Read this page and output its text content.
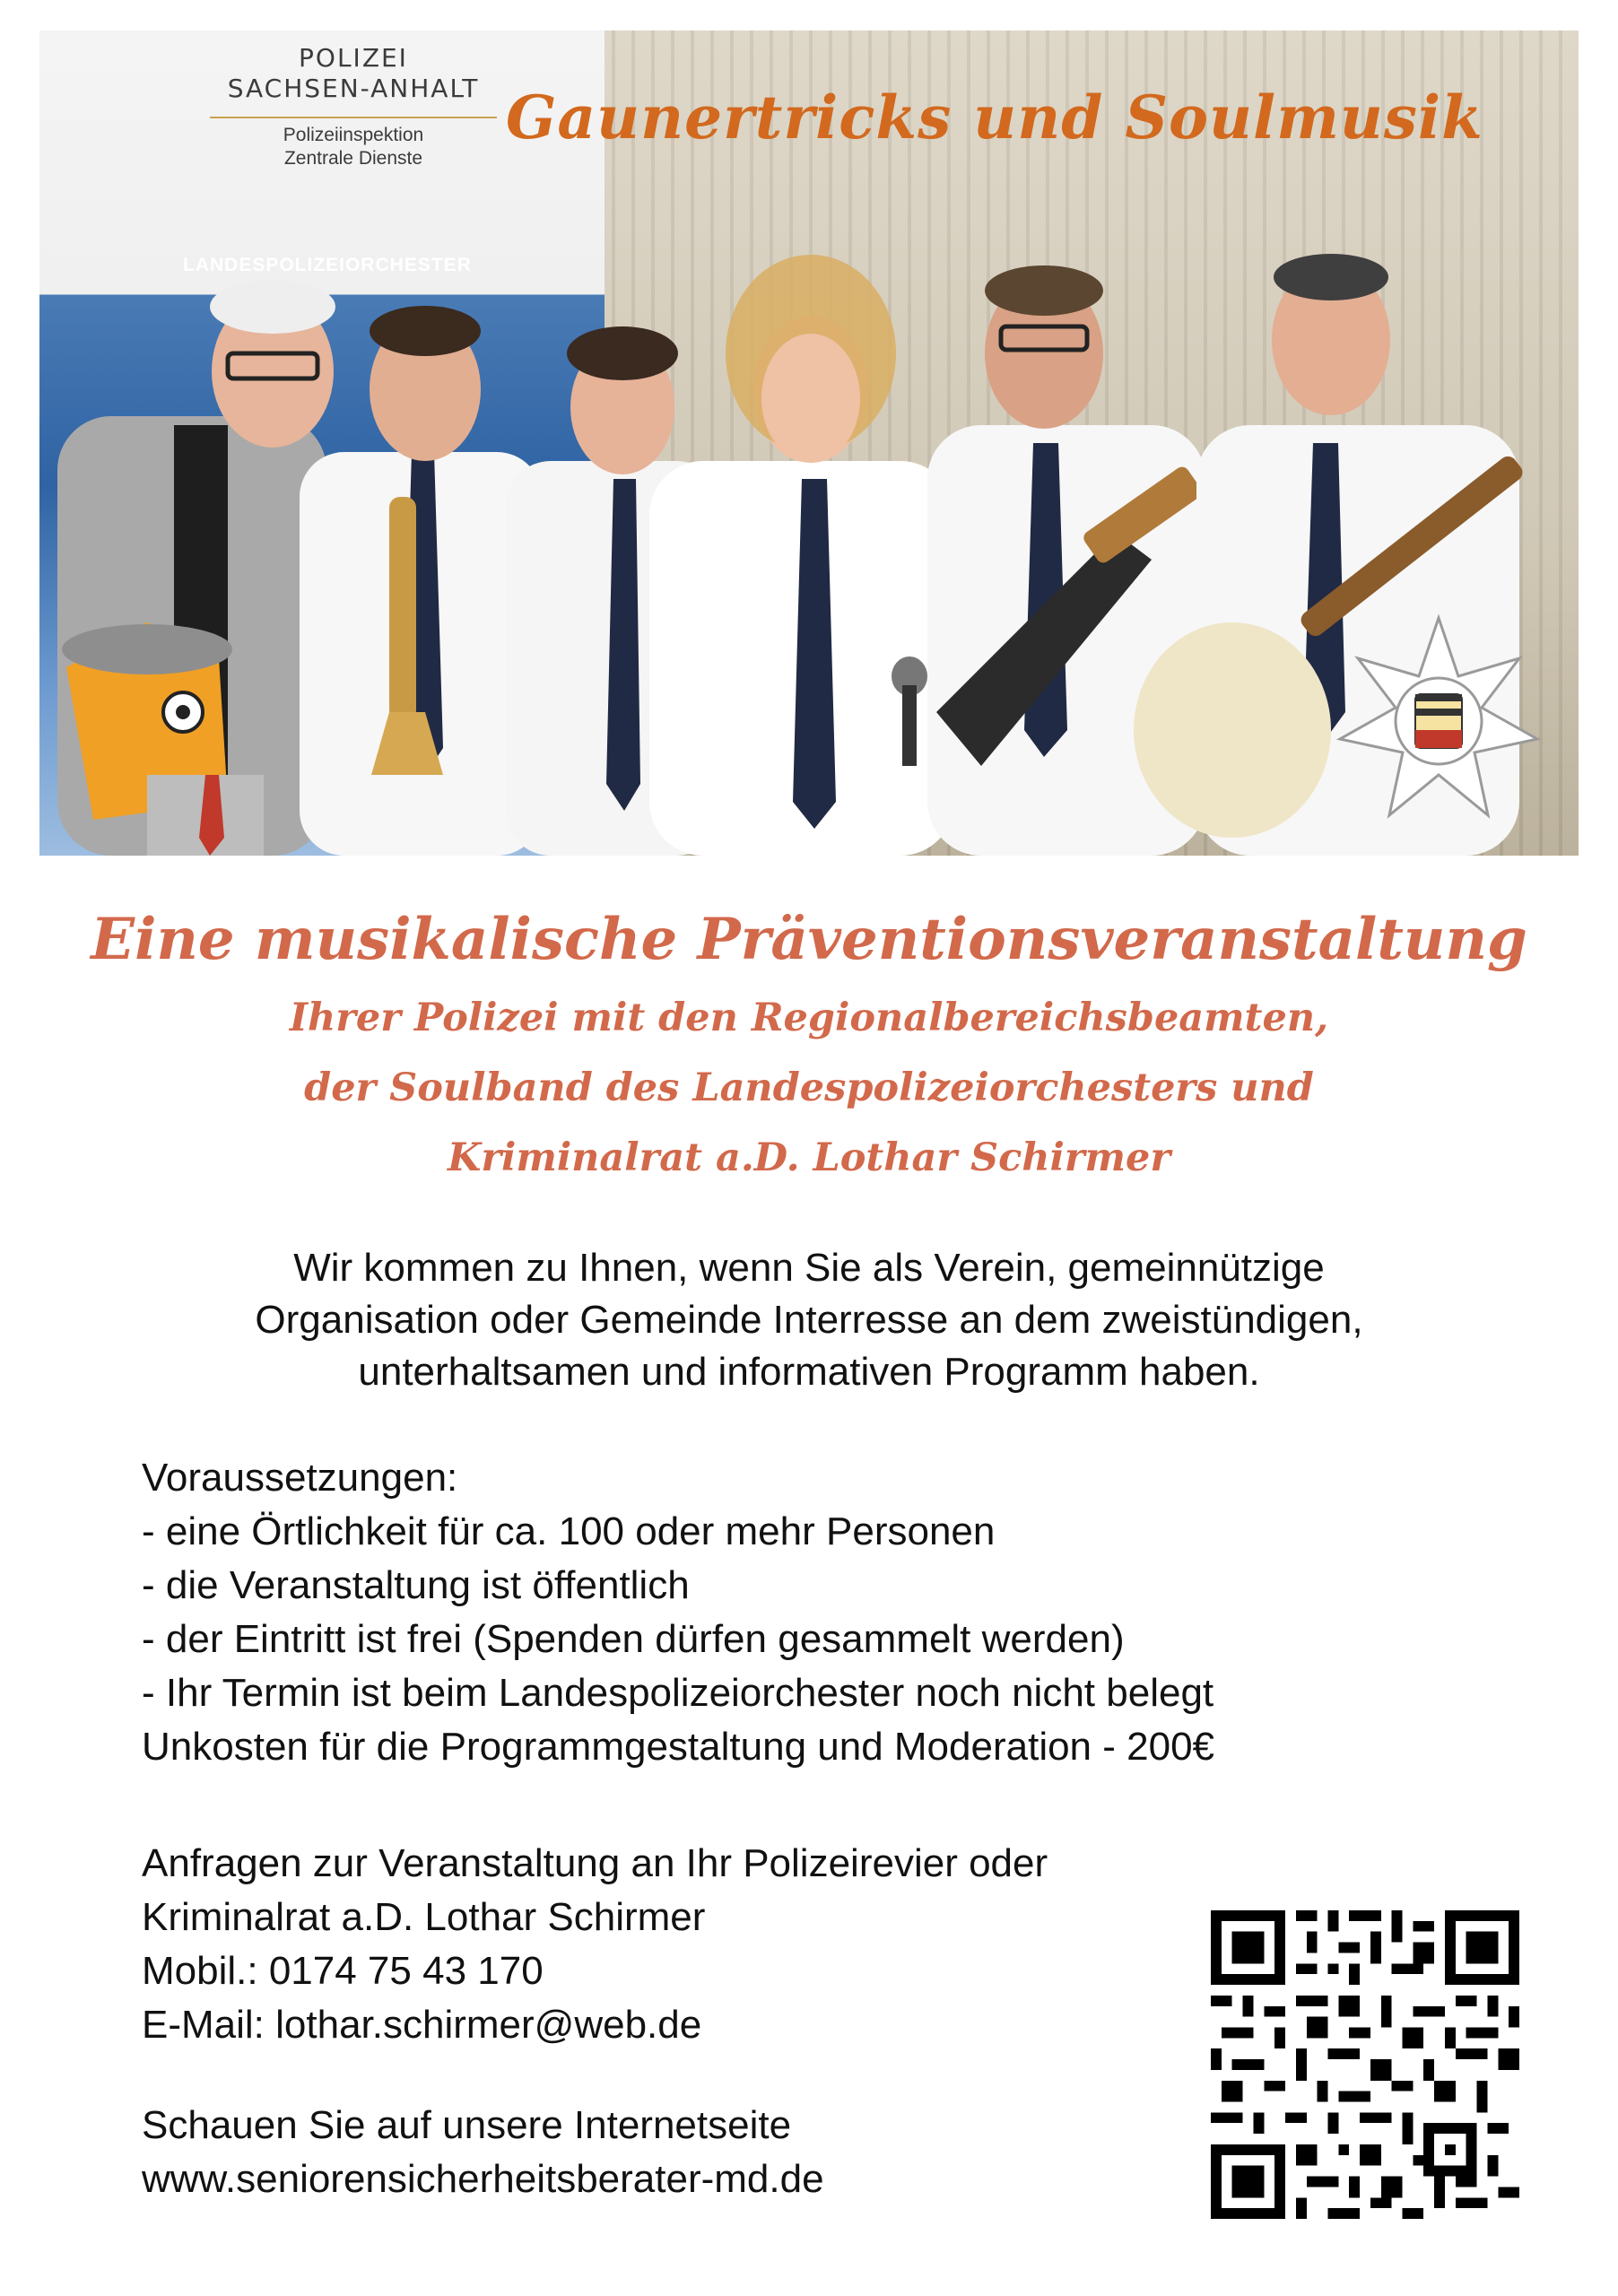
POLIZEI
SACHSEN-ANHALT
Polizeiinspektion
Zentrale Dienste
LANDESPOLIZEIORCHESTER
Gaunertricks und Soulmusik
Eine musikalische Präventionsveranstaltung
Ihrer Polizei mit den Regionalbereichsbeamten,
der Soulband des Landespolizeiorchesters und
Kriminalrat a.D. Lothar Schirmer
Wir kommen zu Ihnen, wenn Sie als Verein, gemeinnützige
Organisation oder Gemeinde Interresse an dem zweistündigen,
unterhaltsamen und informativen Programm haben.
Voraussetzungen:
- eine Örtlichkeit für ca. 100 oder mehr Personen
- die Veranstaltung ist öffentlich
- der Eintritt ist frei (Spenden dürfen gesammelt werden)
- Ihr Termin ist beim Landespolizeiorchester noch nicht belegt
Unkosten für die Programmgestaltung und Moderation - 200€
Anfragen zur Veranstaltung an Ihr Polizeirevier oder
Kriminalrat a.D. Lothar Schirmer
Mobil.: 0174 75 43 170
E-Mail: lothar.schirmer@web.de
Schauen Sie auf unsere Internetseite
www.seniorensicherheitsberater-md.de
